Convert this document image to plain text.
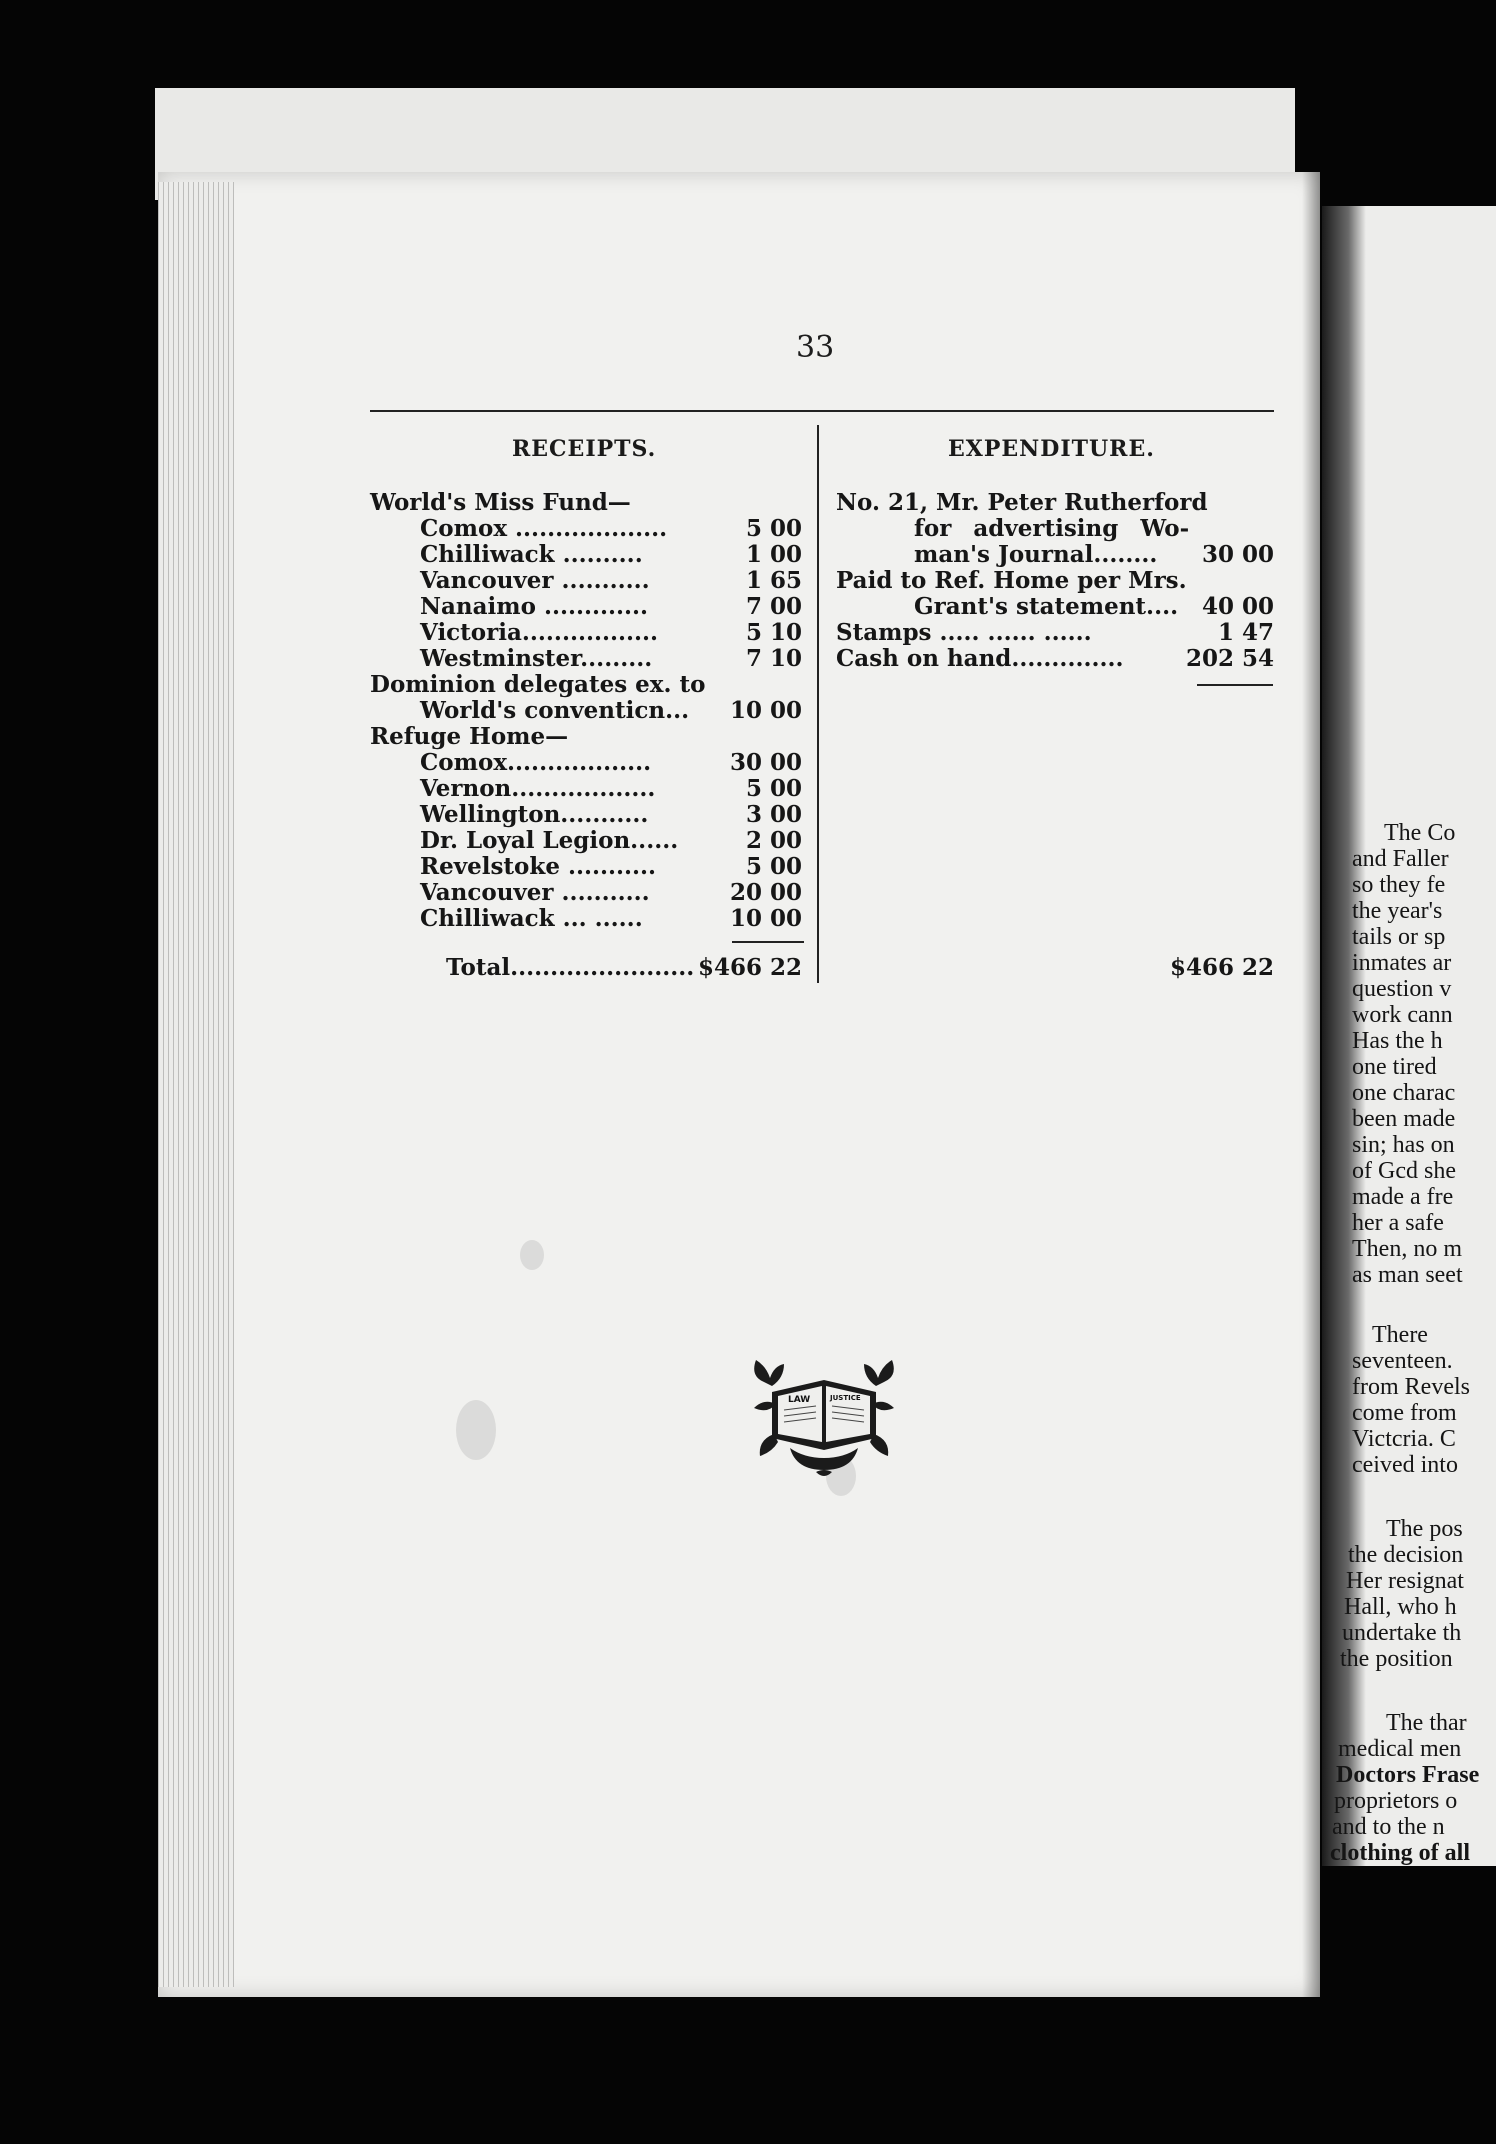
33
RECEIPTS.	EXPENDITURE.
World's Miss Fund—
Comox ...................	5 00
Chilliwack ..........	1 00
Vancouver ...........	1 65
Nanaimo .............	7 00
Victoria.................	5 10
Westminster.........	7 10
Dominion delegates ex. to
World's conventicn... 10 00
Refuge Home—
Comox..................	30 00
Vernon..................	5 00
Wellington...........	3 00
Dr. Loyal Legion......	2 00
Revelstoke ...........	5 00
Vancouver ...........	20 00
Chilliwack ... ......	10 00
Total....................... $466 22
No. 21, Mr. Peter Rutherford
for advertising Wo-
man's Journal........ 30 00
Paid to Ref. Home per Mrs.
Grant's statement.... 40 00
Stamps ..... ...... ......	1 47
Cash on hand..............	202 54
$466 22
LAW	JUSTICE
The Co
and Faller
so they fe
the year's
tails or sp
inmates ar
question v
work cann
Has the h
one tired
one charac
been made
sin; has on
of Gcd she
made a fre
her a safe
Then, no m
as man seet
There
seventeen.
from Revels
come from
Victcria. C
ceived into
The pos
the decision
Her resignat
Hall, who h
undertake th
the position
The thar
medical men
Doctors Frase
proprietors o
and to the n
clothing of all
